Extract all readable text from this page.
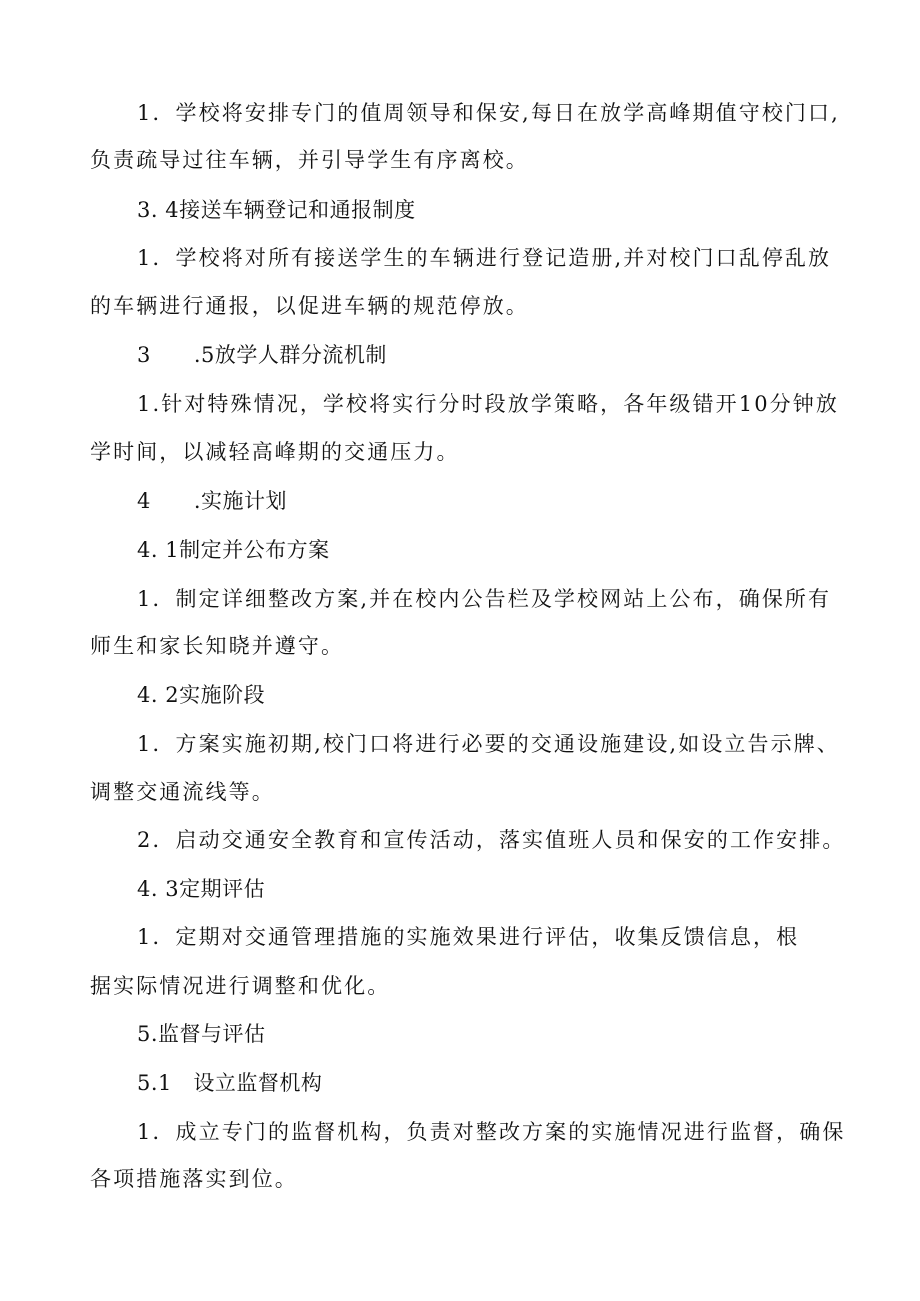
1．学校将安排专门的值周领导和保安,每日在放学高峰期值守校门口,

负责疏导过往车辆，并引导学生有序离校。

3. 4接送车辆登记和通报制度

1．学校将对所有接送学生的车辆进行登记造册,并对校门口乱停乱放

的车辆进行通报，以促进车辆的规范停放。

3　　.5放学人群分流机制

1.针对特殊情况，学校将实行分时段放学策略，各年级错开10分钟放

学时间，以减轻高峰期的交通压力。

4　　.实施计划

4. 1制定并公布方案

1．制定详细整改方案,并在校内公告栏及学校网站上公布，确保所有

师生和家长知晓并遵守。

4. 2实施阶段

1．方案实施初期,校门口将进行必要的交通设施建设,如设立告示牌、

调整交通流线等。

2．启动交通安全教育和宣传活动，落实值班人员和保安的工作安排。

4. 3定期评估

1．定期对交通管理措施的实施效果进行评估，收集反馈信息，根

据实际情况进行调整和优化。

5.监督与评估

5.1　设立监督机构

1．成立专门的监督机构，负责对整改方案的实施情况进行监督，确保

各项措施落实到位。
